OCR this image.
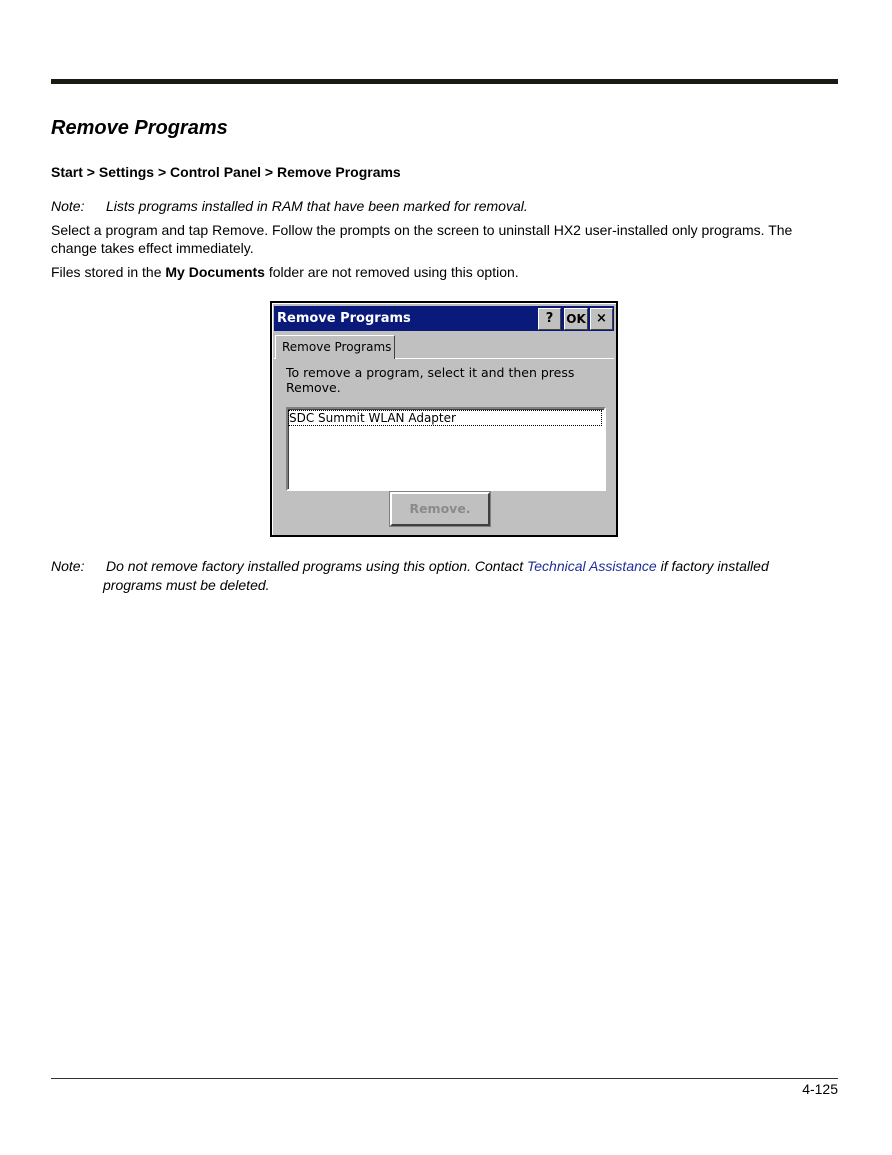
Remove Programs
Start > Settings > Control Panel > Remove Programs
Note: Lists programs installed in RAM that have been marked for removal.

Select a program and tap Remove. Follow the prompts on the screen to uninstall HX2 user-installed only programs. The change takes effect immediately.

Files stored in the My Documents folder are not removed using this option.

Remove Programs	?	OK ×
Remove Programs
To remove a program, select it and then press Remove.
SDC Summit WLAN Adapter
Remove.
Note: Do not remove factory installed programs using this option. Contact Technical Assistance if factory installed
programs must be deleted.
4-125
